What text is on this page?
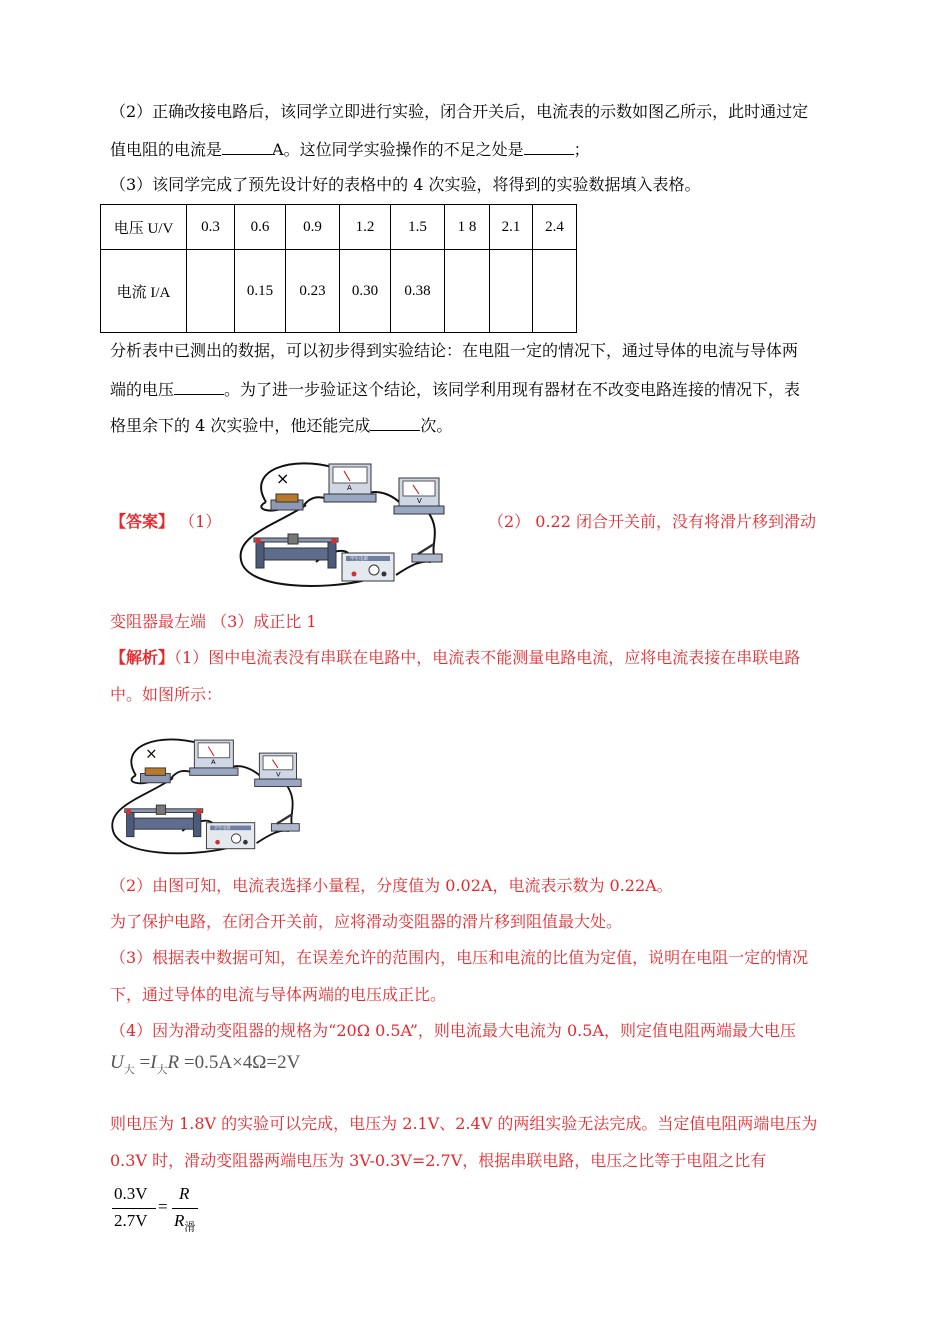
（2）正确改接电路后，该同学立即进行实验，闭合开关后，电流表的示数如图乙所示，此时通过定
值电阻的电流是	A。这位同学实验操作的不足之处是	；
（3）该同学完成了预先设计好的表格中的 4 次实验，将得到的实验数据填入表格。
电压 U/V	0.3	0.6	0.9	1.2	1.5	1 8	2.1	2.4
电流 I/A		0.15	0.23	0.30	0.38			
分析表中已测出的数据，可以初步得到实验结论：在电阻一定的情况下，通过导体的电流与导体两
端的电压	。为了进一步验证这个结论，该同学利用现有器材在不改变电路连接的情况下，表
格里余下的 4 次实验中，他还能完成	次。
【答案】 （1）	（2） 0.22 闭合开关前，没有将滑片移到滑动
×	A
V
学生电源
变阻器最左端 （3）成正比 1
【解析】（1）图中电流表没有串联在电路中，电流表不能测量电路电流，应将电流表接在串联电路
中。如图所示：
×	A
V
学生电源
（2）由图可知，电流表选择小量程，分度值为 0.02A，电流表示数为 0.22A。
为了保护电路，在闭合开关前，应将滑动变阻器的滑片移到阻值最大处。
（3）根据表中数据可知，在误差允许的范围内，电压和电流的比值为定值，说明在电阻一定的情况
下，通过导体的电流与导体两端的电压成正比。
（4）因为滑动变阻器的规格为“20Ω 0.5A”，则电流最大电流为 0.5A，则定值电阻两端最大电压
$U_大 =I_大R =0.5A\times 4\Omega=2V$
则电压为 1.8V 的实验可以完成，电压为 2.1V、2.4V 的两组实验无法完成。当定值电阻两端电压为
0.3V 时，滑动变阻器两端电压为 3V-0.3V=2.7V，根据串联电路，电压之比等于电阻之比有
0.3V
2.7V
=
R
$R_滑$
